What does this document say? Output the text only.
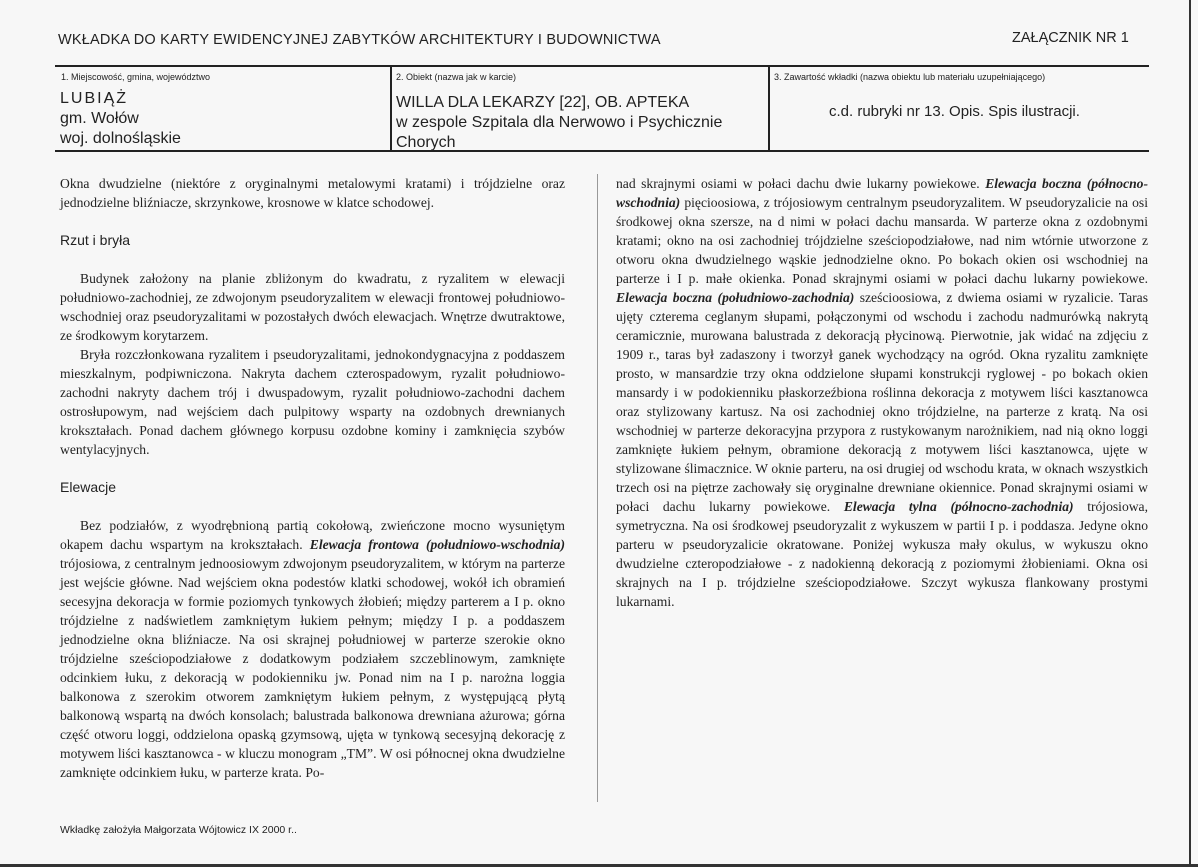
WKŁADKA DO KARTY EWIDENCYJNEJ ZABYTKÓW ARCHITEKTURY I BUDOWNICTWA	ZAŁĄCZNIK NR 1
1. Miejscowość, gmina, województwo
LUBIĄŻ
gm. Wołów
woj. dolnośląskie
2. Obiekt (nazwa jak w karcie)
WILLA DLA LEKARZY [22], OB. APTEKA
w zespole Szpitala dla Nerwowo i Psychicznie
Chorych
3. Zawartość wkładki (nazwa obiektu lub materiału uzupełniającego)
c.d. rubryki nr 13. Opis. Spis ilustracji.

Okna dwudzielne (niektóre z oryginalnymi metalowymi kratami) i trójdzielne oraz jednodzielne bliźniacze, skrzynkowe, krosnowe w klatce schodowej.

Rzut i bryła

Budynek założony na planie zbliżonym do kwadratu, z ryzalitem w elewacji południowo-zachodniej, ze zdwojonym pseudoryzalitem w elewacji frontowej południowo-wschodniej oraz pseudoryzalitami w pozostałych dwóch elewacjach. Wnętrze dwutraktowe, ze środkowym korytarzem.

Bryła rozczłonkowana ryzalitem i pseudoryzalitami, jednokondygnacyjna z poddaszem mieszkalnym, podpiwniczona. Nakryta dachem czterospadowym, ryzalit południowo-zachodni nakryty dachem trój i dwuspadowym, ryzalit południowo-zachodni dachem ostrosłupowym, nad wejściem dach pulpitowy wsparty na ozdobnych drewnianych krokształach. Ponad dachem głównego korpusu ozdobne kominy i zamknięcia szybów wentylacyjnych.

Elewacje

Bez podziałów, z wyodrębnioną partią cokołową, zwieńczone mocno wysuniętym okapem dachu wspartym na krokształach. Elewacja frontowa (południowo-wschodnia) trójosiowa, z centralnym jednoosiowym zdwojonym pseudoryzalitem, w którym na parterze jest wejście główne. Nad wejściem okna podestów klatki schodowej, wokół ich obramień secesyjna dekoracja w formie poziomych tynkowych żłobień; między parterem a I p. okno trójdzielne z nadświetlem zamkniętym łukiem pełnym; między I p. a poddaszem jednodzielne okna bliźniacze. Na osi skrajnej południowej w parterze szerokie okno trójdzielne sześciopodziałowe z dodatkowym podziałem szczeblinowym, zamknięte odcinkiem łuku, z dekoracją w podokienniku jw. Ponad nim na I p. narożna loggia balkonowa z szerokim otworem zamkniętym łukiem pełnym, z występującą płytą balkonową wspartą na dwóch konsolach; balustrada balkonowa drewniana ażurowa; górna część otworu loggi, oddzielona opaską gzymsową, ujęta w tynkową secesyjną dekorację z motywem liści kasztanowca - w kluczu monogram „TM”. W osi północnej okna dwudzielne zamknięte odcinkiem łuku, w parterze krata. Po-

nad skrajnymi osiami w połaci dachu dwie lukarny powiekowe. Elewacja boczna (północno-wschodnia) pięcioosiowa, z trójosiowym centralnym pseudoryzalitem. W pseudoryzalicie na osi środkowej okna szersze, na d nimi w połaci dachu mansarda. W parterze okna z ozdobnymi kratami; okno na osi zachodniej trójdzielne sześciopodziałowe, nad nim wtórnie utworzone z otworu okna dwudzielnego wąskie jednodzielne okno. Po bokach okien osi wschodniej na parterze i I p. małe okienka. Ponad skrajnymi osiami w połaci dachu lukarny powiekowe. Elewacja boczna (południowo-zachodnia) sześcioosiowa, z dwiema osiami w ryzalicie. Taras ujęty czterema ceglanym słupami, połączonymi od wschodu i zachodu nadmurówką nakrytą ceramicznie, murowana balustrada z dekoracją płycinową. Pierwotnie, jak widać na zdjęciu z 1909 r., taras był zadaszony i tworzył ganek wychodzący na ogród. Okna ryzalitu zamknięte prosto, w mansardzie trzy okna oddzielone słupami konstrukcji ryglowej - po bokach okien mansardy i w podokienniku płaskorzeźbiona roślinna dekoracja z motywem liści kasztanowca oraz stylizowany kartusz. Na osi zachodniej okno trójdzielne, na parterze z kratą. Na osi wschodniej w parterze dekoracyjna przypora z rustykowanym narożnikiem, nad nią okno loggi zamknięte łukiem pełnym, obramione dekoracją z motywem liści kasztanowca, ujęte w stylizowane ślimacznice. W oknie parteru, na osi drugiej od wschodu krata, w oknach wszystkich trzech osi na piętrze zachowały się oryginalne drewniane okiennice. Ponad skrajnymi osiami w połaci dachu lukarny powiekowe. Elewacja tylna (północno-zachodnia) trójosiowa, symetryczna. Na osi środkowej pseudoryzalit z wykuszem w partii I p. i poddasza. Jedyne okno parteru w pseudoryzalicie okratowane. Poniżej wykusza mały okulus, w wykuszu okno dwudzielne czteropodziałowe - z nadokienną dekoracją z poziomymi żłobieniami. Okna osi skrajnych na I p. trójdzielne sześciopodziałowe. Szczyt wykusza flankowany prostymi lukarnami.

Wkładkę założyła Małgorzata Wójtowicz IX 2000 r..
